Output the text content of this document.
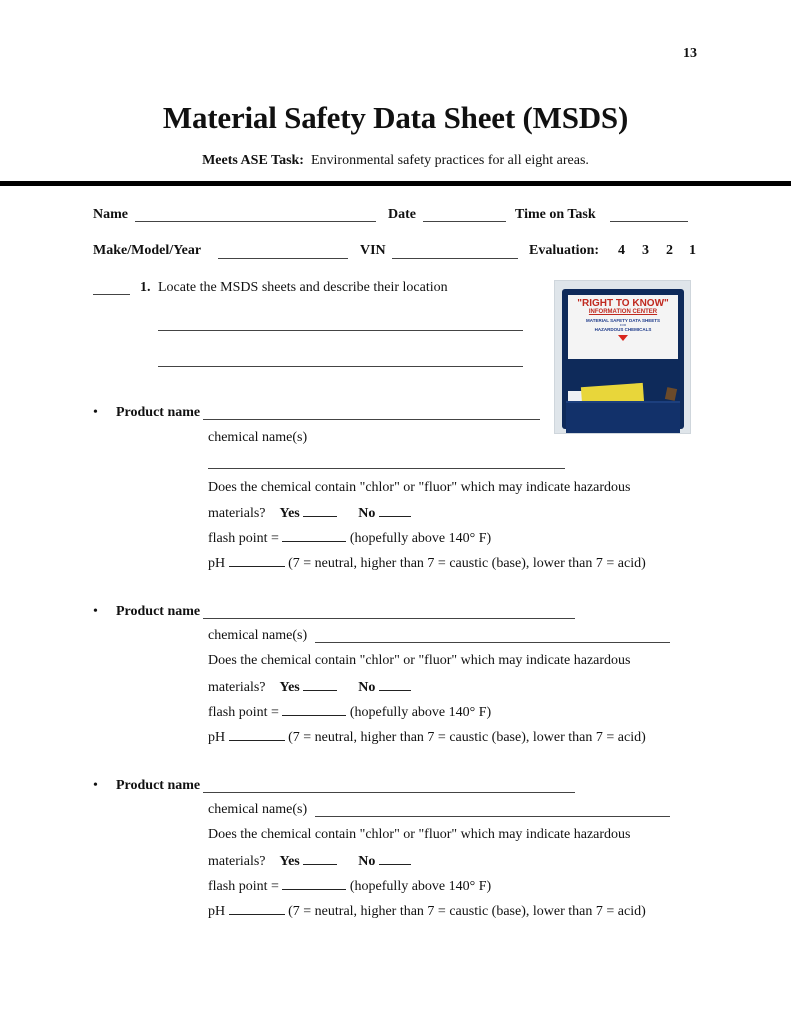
13
Material Safety Data Sheet (MSDS)
Meets ASE Task: Environmental safety practices for all eight areas.
Name	Date	Time on Task
Make/Model/Year	VIN	Evaluation: 4 3 2 1
1. Locate the MSDS sheets and describe their location
"RIGHT TO KNOW"
INFORMATION CENTER
MATERIAL SAFETY DATA SHEETS
FOR
HAZARDOUS CHEMICALS
• Product name
chemical name(s)
Does the chemical contain "chlor" or "fluor" which may indicate hazardous
materials? Yes	No
flash point =	(hopefully above 140° F)
pH	(7 = neutral, higher than 7 = caustic (base), lower than 7 = acid)
• Product name
chemical name(s)
Does the chemical contain "chlor" or "fluor" which may indicate hazardous
materials? Yes	No
flash point =	(hopefully above 140° F)
pH	(7 = neutral, higher than 7 = caustic (base), lower than 7 = acid)
• Product name
chemical name(s)
Does the chemical contain "chlor" or "fluor" which may indicate hazardous
materials? Yes	No
flash point =	(hopefully above 140° F)
pH	(7 = neutral, higher than 7 = caustic (base), lower than 7 = acid)
